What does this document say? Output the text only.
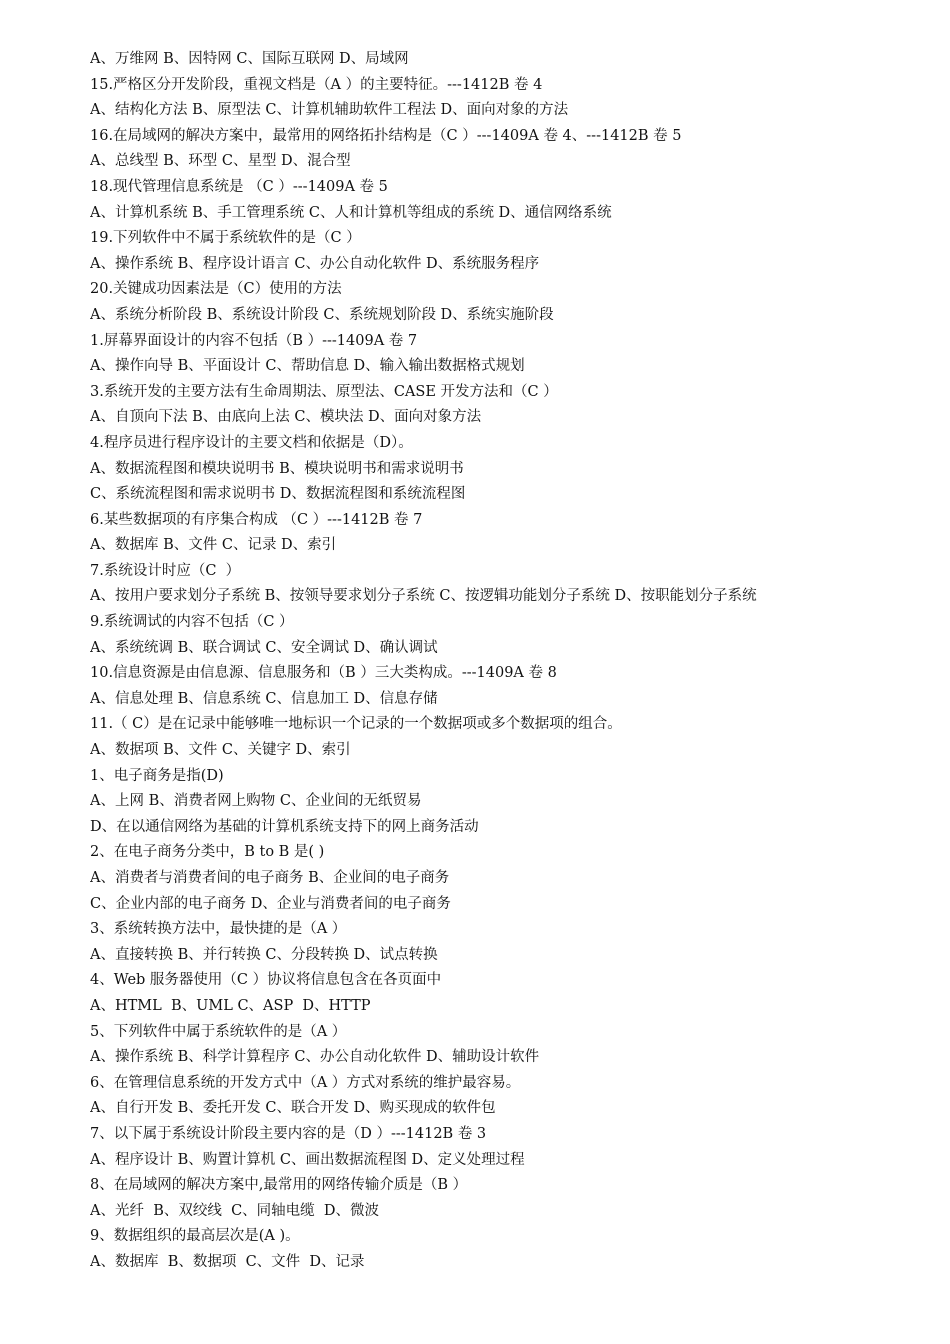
A、万维网 B、因特网 C、国际互联网 D、局域网
15.严格区分开发阶段，重视文档是（A ）的主要特征。---1412B 卷 4
A、结构化方法 B、原型法 C、计算机辅助软件工程法 D、面向对象的方法
16.在局域网的解决方案中，最常用的网络拓扑结构是（C ）---1409A 卷 4、---1412B 卷 5
A、总线型 B、环型 C、星型 D、混合型
18.现代管理信息系统是 （C ）---1409A 卷 5
A、计算机系统 B、手工管理系统 C、人和计算机等组成的系统 D、通信网络系统
19.下列软件中不属于系统软件的是（C ）
A、操作系统 B、程序设计语言 C、办公自动化软件 D、系统服务程序
20.关键成功因素法是（C）使用的方法
A、系统分析阶段 B、系统设计阶段 C、系统规划阶段 D、系统实施阶段
1.屏幕界面设计的内容不包括（B ）---1409A 卷 7
A、操作向导 B、平面设计 C、帮助信息 D、输入输出数据格式规划
3.系统开发的主要方法有生命周期法、原型法、CASE 开发方法和（C ）
A、自顶向下法 B、由底向上法 C、模块法 D、面向对象方法
4.程序员进行程序设计的主要文档和依据是（D）。
A、数据流程图和模块说明书 B、模块说明书和需求说明书
C、系统流程图和需求说明书 D、数据流程图和系统流程图
6.某些数据项的有序集合构成 （C ）---1412B 卷 7
A、数据库 B、文件 C、记录 D、索引
7.系统设计时应（C  ）
A、按用户要求划分子系统 B、按领导要求划分子系统 C、按逻辑功能划分子系统 D、按职能划分子系统
9.系统调试的内容不包括（C ）
A、系统统调 B、联合调试 C、安全调试 D、确认调试
10.信息资源是由信息源、信息服务和（B ）三大类构成。---1409A 卷 8
A、信息处理 B、信息系统 C、信息加工 D、信息存储
11.（ C）是在记录中能够唯一地标识一个记录的一个数据项或多个数据项的组合。
A、数据项 B、文件 C、关键字 D、索引
1、电子商务是指(D)
A、上网 B、消费者网上购物 C、企业间的无纸贸易
D、在以通信网络为基础的计算机系统支持下的网上商务活动
2、在电子商务分类中，B to B 是( )
A、消费者与消费者间的电子商务 B、企业间的电子商务
C、企业内部的电子商务 D、企业与消费者间的电子商务
3、系统转换方法中，最快捷的是（A ）
A、直接转换 B、并行转换 C、分段转换 D、试点转换
4、Web 服务器使用（C ）协议将信息包含在各页面中
A、HTML  B、UML C、ASP  D、HTTP
5、下列软件中属于系统软件的是（A ）
A、操作系统 B、科学计算程序 C、办公自动化软件 D、辅助设计软件
6、在管理信息系统的开发方式中（A ）方式对系统的维护最容易。
A、自行开发 B、委托开发 C、联合开发 D、购买现成的软件包
7、以下属于系统设计阶段主要内容的是（D ）---1412B 卷 3
A、程序设计 B、购置计算机 C、画出数据流程图 D、定义处理过程
8、在局域网的解决方案中,最常用的网络传输介质是（B ）
A、光纤  B、双绞线  C、同轴电缆  D、微波
9、数据组织的最高层次是(A )。
A、数据库  B、数据项  C、文件  D、记录
